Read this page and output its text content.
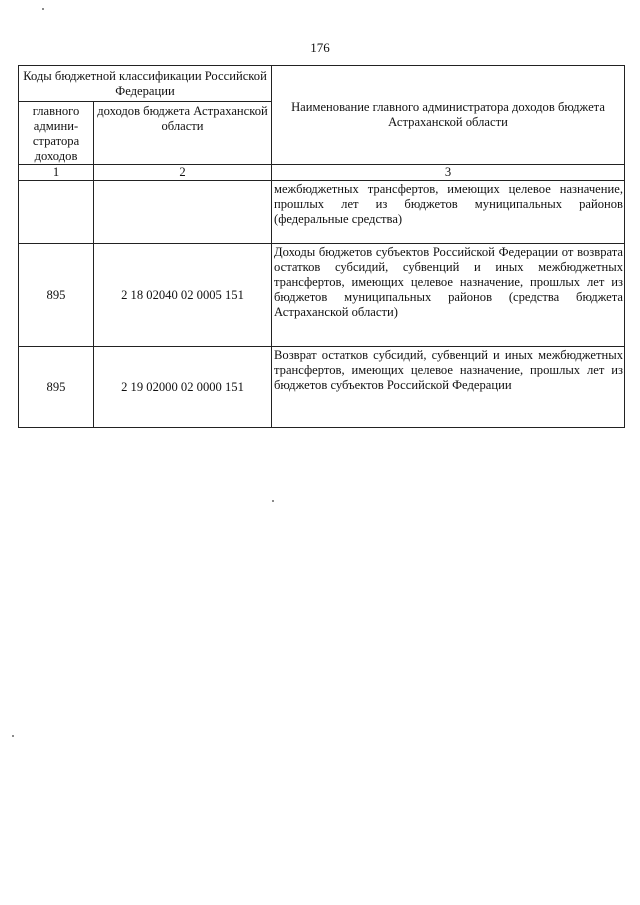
176
Коды бюджетной классификации Российской Федерации		Наименование главного администратора доходов бюджета Астраханской области
главного админи-стратора доходов	доходов бюджета Астраханской области	
1	2	3
		межбюджетных трансфертов, имеющих целевое назначение, прошлых лет из бюджетов муниципальных районов (федеральные средства)
895	2 18 02040 02 0005 151	Доходы бюджетов субъектов Российской Федерации от возврата остатков субсидий, субвенций и иных межбюджетных трансфертов, имеющих целевое назначение, прошлых лет из бюджетов муниципальных районов (средства бюджета Астраханской области)
895	2 19 02000 02 0000 151	Возврат остатков субсидий, субвенций и иных межбюджетных трансфертов, имеющих целевое назначение, прошлых лет из бюджетов субъектов Российской Федерации
